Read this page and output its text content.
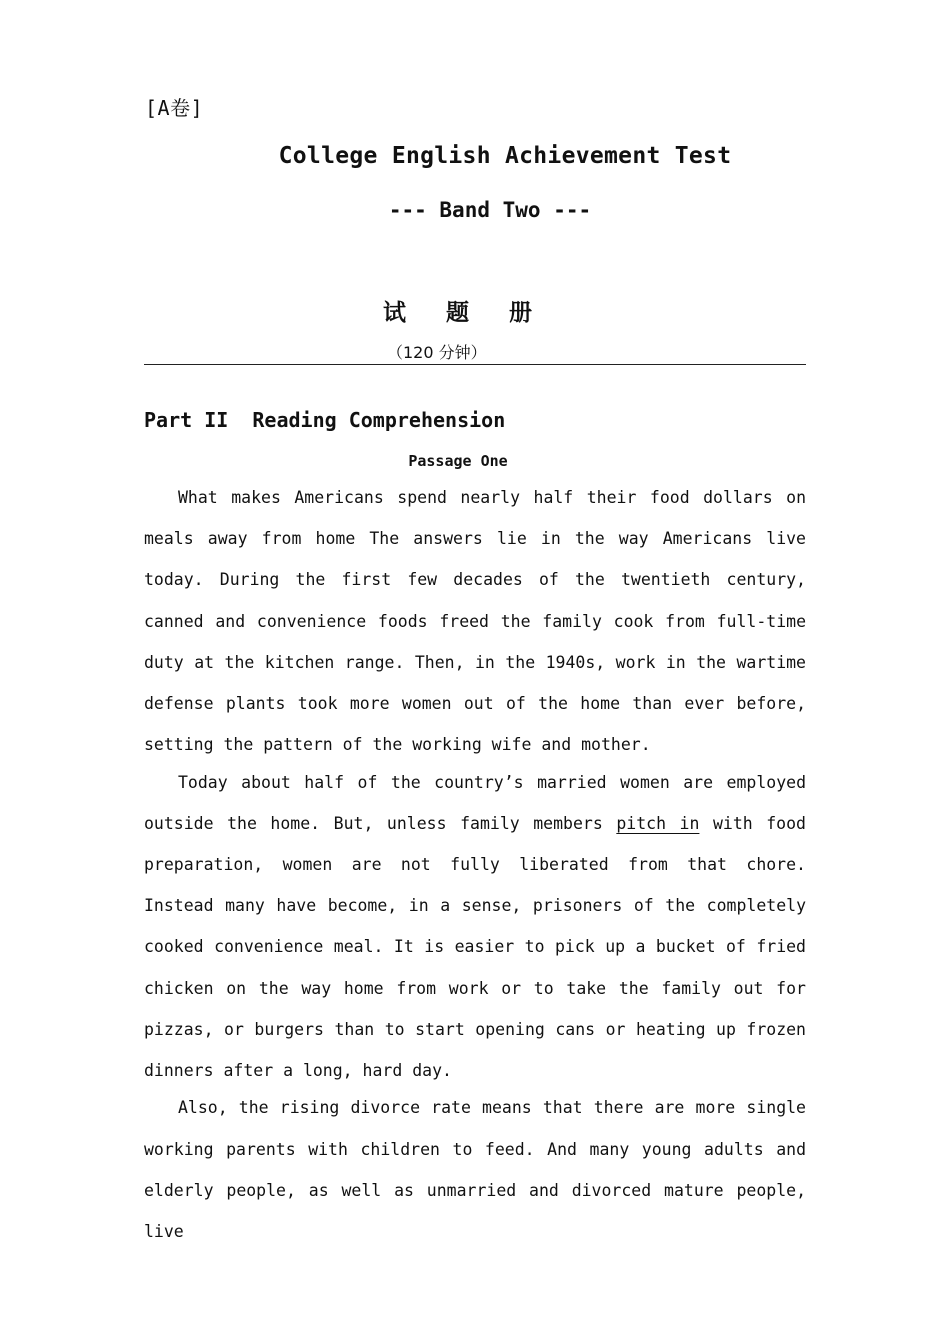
[A卷]
College English Achievement Test
--- Band Two ---
试 题 册
（120 分钟）
Part II  Reading Comprehension
Passage One

What makes Americans spend nearly half their food dollars on meals away from home The answers lie in the way Americans live today. During the first few decades of the twentieth century, canned and convenience foods freed the family cook from full-time duty at the kitchen range. Then, in the 1940s, work in the wartime defense plants took more women out of the home than ever before, setting the pattern of the working wife and mother.

Today about half of the country’s married women are employed outside the home. But, unless family members pitch in with food preparation, women are not fully liberated from that chore. Instead many have become, in a sense, prisoners of the completely cooked convenience meal. It is easier to pick up a bucket of fried chicken on the way home from work or to take the family out for pizzas, or burgers than to start opening cans or heating up frozen dinners after a long, hard day.

Also, the rising divorce rate means that there are more single working parents with children to feed. And many young adults and elderly people, as well as unmarried and divorced mature people, live
